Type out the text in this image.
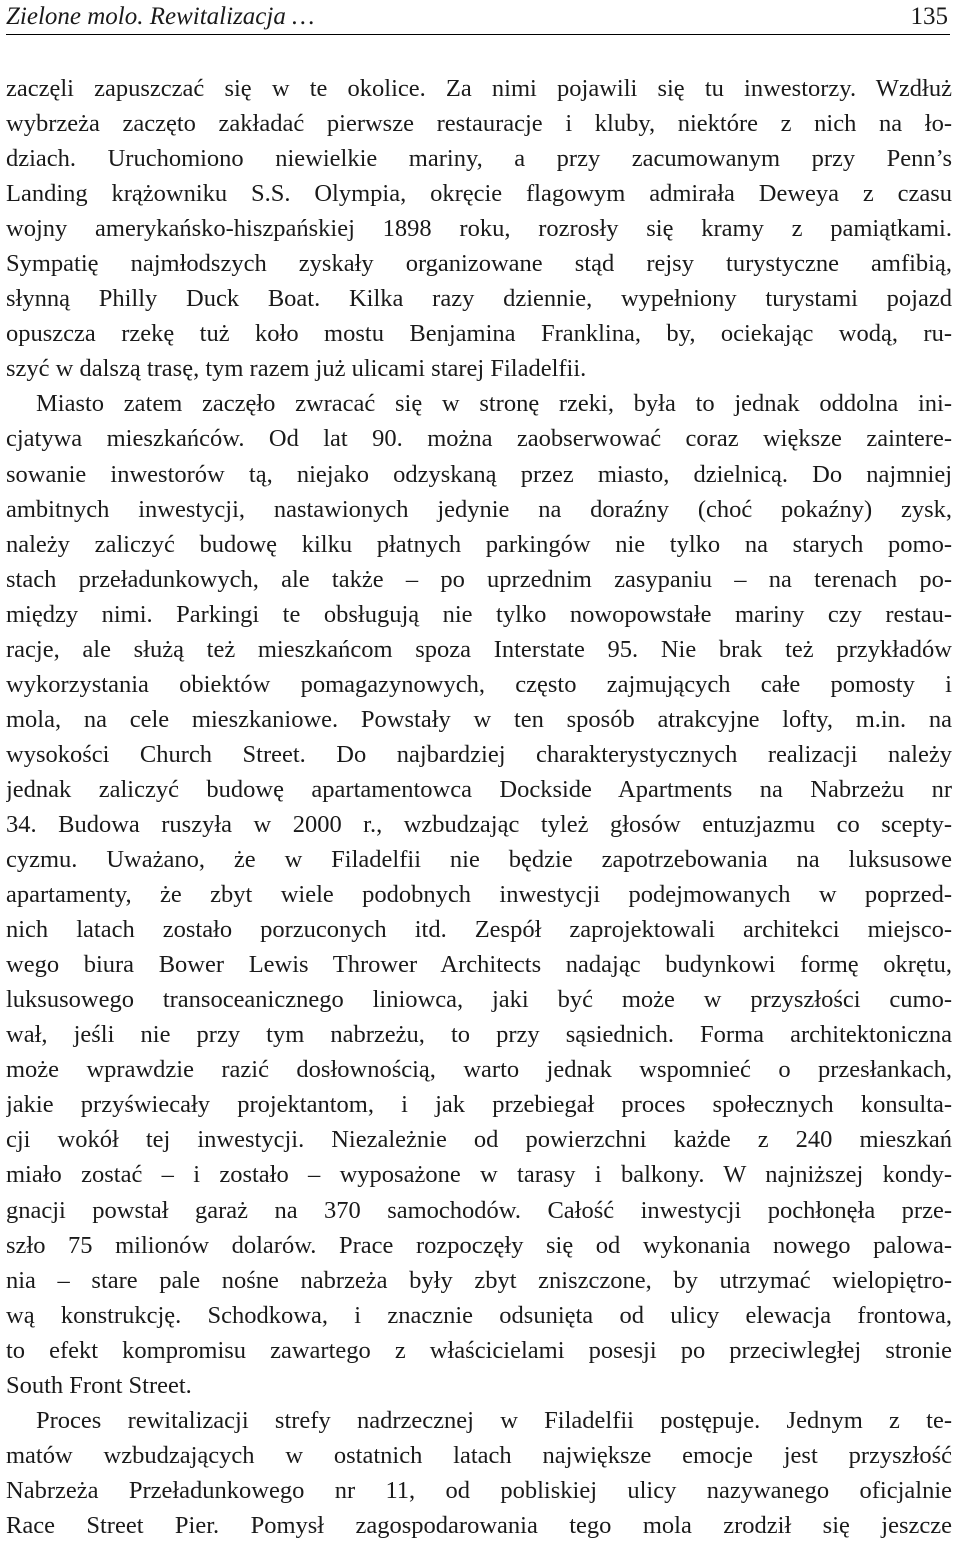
Zielone molo. Rewitalizacja …	135
zaczęli zapuszczać się w te okolice. Za nimi pojawili się tu inwestorzy. Wzdłuż
wybrzeża zaczęto zakładać pierwsze restauracje i kluby, niektóre z nich na ło-
dziach. Uruchomiono niewielkie mariny, a przy zacumowanym przy Penn’s
Landing krążowniku S.S. Olympia, okręcie flagowym admirała Deweya z czasu
wojny amerykańsko-hiszpańskiej 1898 roku, rozrosły się kramy z pamiątkami.
Sympatię najmłodszych zyskały organizowane stąd rejsy turystyczne amfibią,
słynną Philly Duck Boat. Kilka razy dziennie, wypełniony turystami pojazd
opuszcza rzekę tuż koło mostu Benjamina Franklina, by, ociekając wodą, ru-
szyć w dalszą trasę, tym razem już ulicami starej Filadelfii.
Miasto zatem zaczęło zwracać się w stronę rzeki, była to jednak oddolna ini-
cjatywa mieszkańców. Od lat 90. można zaobserwować coraz większe zaintere-
sowanie inwestorów tą, niejako odzyskaną przez miasto, dzielnicą. Do najmniej
ambitnych inwestycji, nastawionych jedynie na doraźny (choć pokaźny) zysk,
należy zaliczyć budowę kilku płatnych parkingów nie tylko na starych pomo-
stach przeładunkowych, ale także – po uprzednim zasypaniu – na terenach po-
między nimi. Parkingi te obsługują nie tylko nowopowstałe mariny czy restau-
racje, ale służą też mieszkańcom spoza Interstate 95. Nie brak też przykładów
wykorzystania obiektów pomagazynowych, często zajmujących całe pomosty i
mola, na cele mieszkaniowe. Powstały w ten sposób atrakcyjne lofty, m.in. na
wysokości Church Street. Do najbardziej charakterystycznych realizacji należy
jednak zaliczyć budowę apartamentowca Dockside Apartments na Nabrzeżu nr
34. Budowa ruszyła w 2000 r., wzbudzając tyleż głosów entuzjazmu co scepty-
cyzmu. Uważano, że w Filadelfii nie będzie zapotrzebowania na luksusowe
apartamenty, że zbyt wiele podobnych inwestycji podejmowanych w poprzed-
nich latach zostało porzuconych itd. Zespół zaprojektowali architekci miejsco-
wego biura Bower Lewis Thrower Architects nadając budynkowi formę okrętu,
luksusowego transoceanicznego liniowca, jaki być może w przyszłości cumo-
wał, jeśli nie przy tym nabrzeżu, to przy sąsiednich. Forma architektoniczna
może wprawdzie razić dosłownością, warto jednak wspomnieć o przesłankach,
jakie przyświecały projektantom, i jak przebiegał proces społecznych konsulta-
cji wokół tej inwestycji. Niezależnie od powierzchni każde z 240 mieszkań
miało zostać – i zostało – wyposażone w tarasy i balkony. W najniższej kondy-
gnacji powstał garaż na 370 samochodów. Całość inwestycji pochłonęła prze-
szło 75 milionów dolarów. Prace rozpoczęły się od wykonania nowego palowa-
nia – stare pale nośne nabrzeża były zbyt zniszczone, by utrzymać wielopiętro-
wą konstrukcję. Schodkowa, i znacznie odsunięta od ulicy elewacja frontowa,
to efekt kompromisu zawartego z właścicielami posesji po przeciwległej stronie
South Front Street.
Proces rewitalizacji strefy nadrzecznej w Filadelfii postępuje. Jednym z te-
matów wzbudzających w ostatnich latach największe emocje jest przyszłość
Nabrzeża Przeładunkowego nr 11, od pobliskiej ulicy nazywanego oficjalnie
Race Street Pier. Pomysł zagospodarowania tego mola zrodził się jeszcze
